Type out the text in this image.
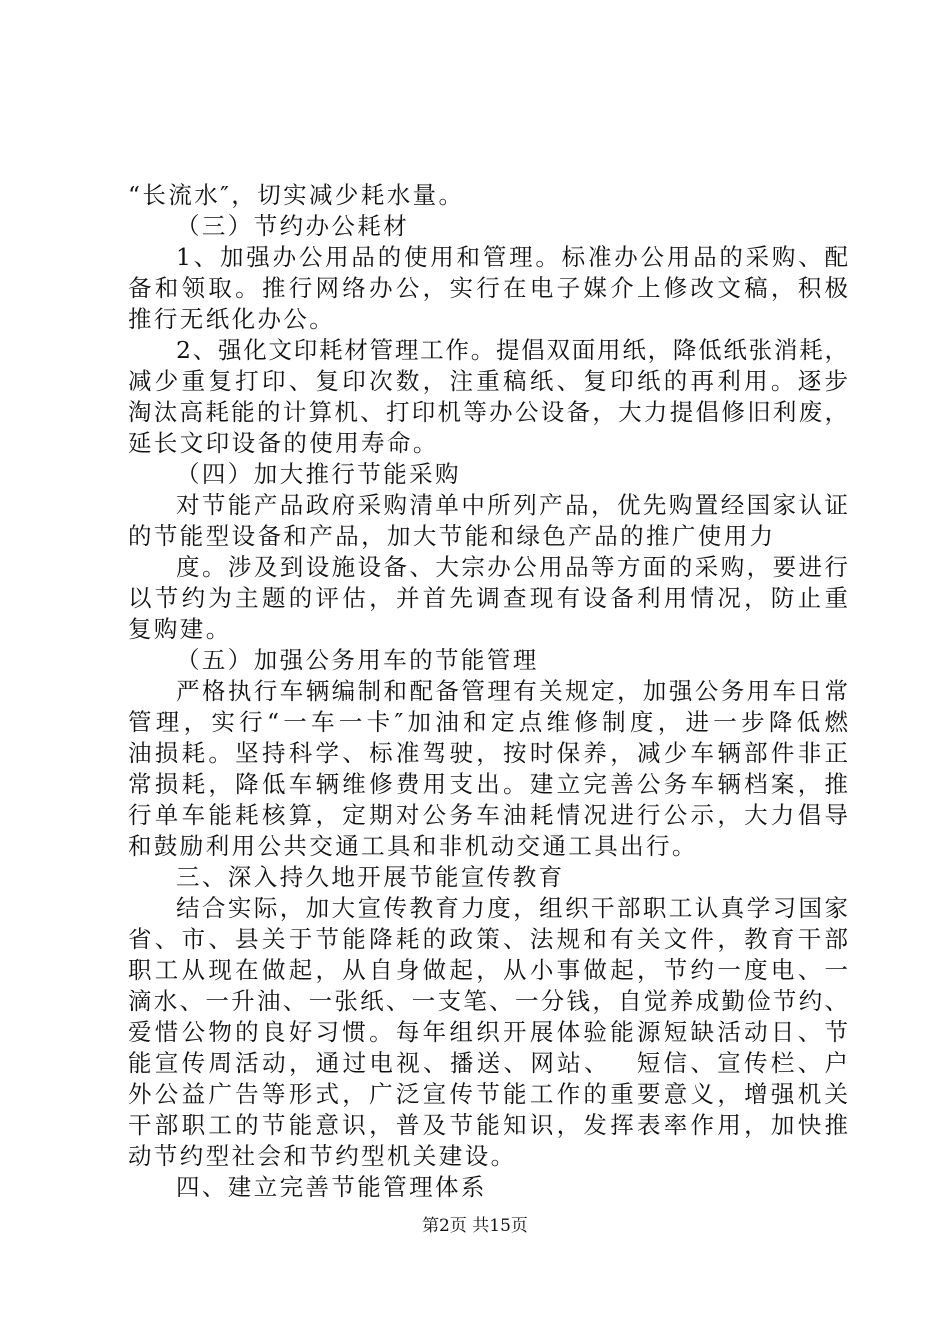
“长流水″，切实减少耗水量。
（三）节约办公耗材
1、加强办公用品的使用和管理。标准办公用品的采购、配
备和领取。推行网络办公，实行在电子媒介上修改文稿，积极
推行无纸化办公。
2、强化文印耗材管理工作。提倡双面用纸，降低纸张消耗，
减少重复打印、复印次数，注重稿纸、复印纸的再利用。逐步
淘汰高耗能的计算机、打印机等办公设备，大力提倡修旧利废，
延长文印设备的使用寿命。
（四）加大推行节能采购
对节能产品政府采购清单中所列产品，优先购置经国家认证
的节能型设备和产品，加大节能和绿色产品的推广使用力
度。涉及到设施设备、大宗办公用品等方面的采购，要进行
以节约为主题的评估，并首先调查现有设备利用情况，防止重
复购建。
（五）加强公务用车的节能管理
严格执行车辆编制和配备管理有关规定，加强公务用车日常
管理，实行“一车一卡″加油和定点维修制度，进一步降低燃
油损耗。坚持科学、标准驾驶，按时保养，减少车辆部件非正
常损耗，降低车辆维修费用支出。建立完善公务车辆档案，推
行单车能耗核算，定期对公务车油耗情况进行公示，大力倡导
和鼓励利用公共交通工具和非机动交通工具出行。
三、深入持久地开展节能宣传教育
结合实际，加大宣传教育力度，组织干部职工认真学习国家
省、市、县关于节能降耗的政策、法规和有关文件，教育干部
职工从现在做起，从自身做起，从小事做起，节约一度电、一
滴水、一升油、一张纸、一支笔、一分钱，自觉养成勤俭节约、
爱惜公物的良好习惯。每年组织开展体验能源短缺活动日、节
能宣传周活动，通过电视、播送、网站、　 短信、宣传栏、户
外公益广告等形式，广泛宣传节能工作的重要意义，增强机关
干部职工的节能意识，普及节能知识，发挥表率作用，加快推
动节约型社会和节约型机关建设。
四、建立完善节能管理体系
第2页 共15页
